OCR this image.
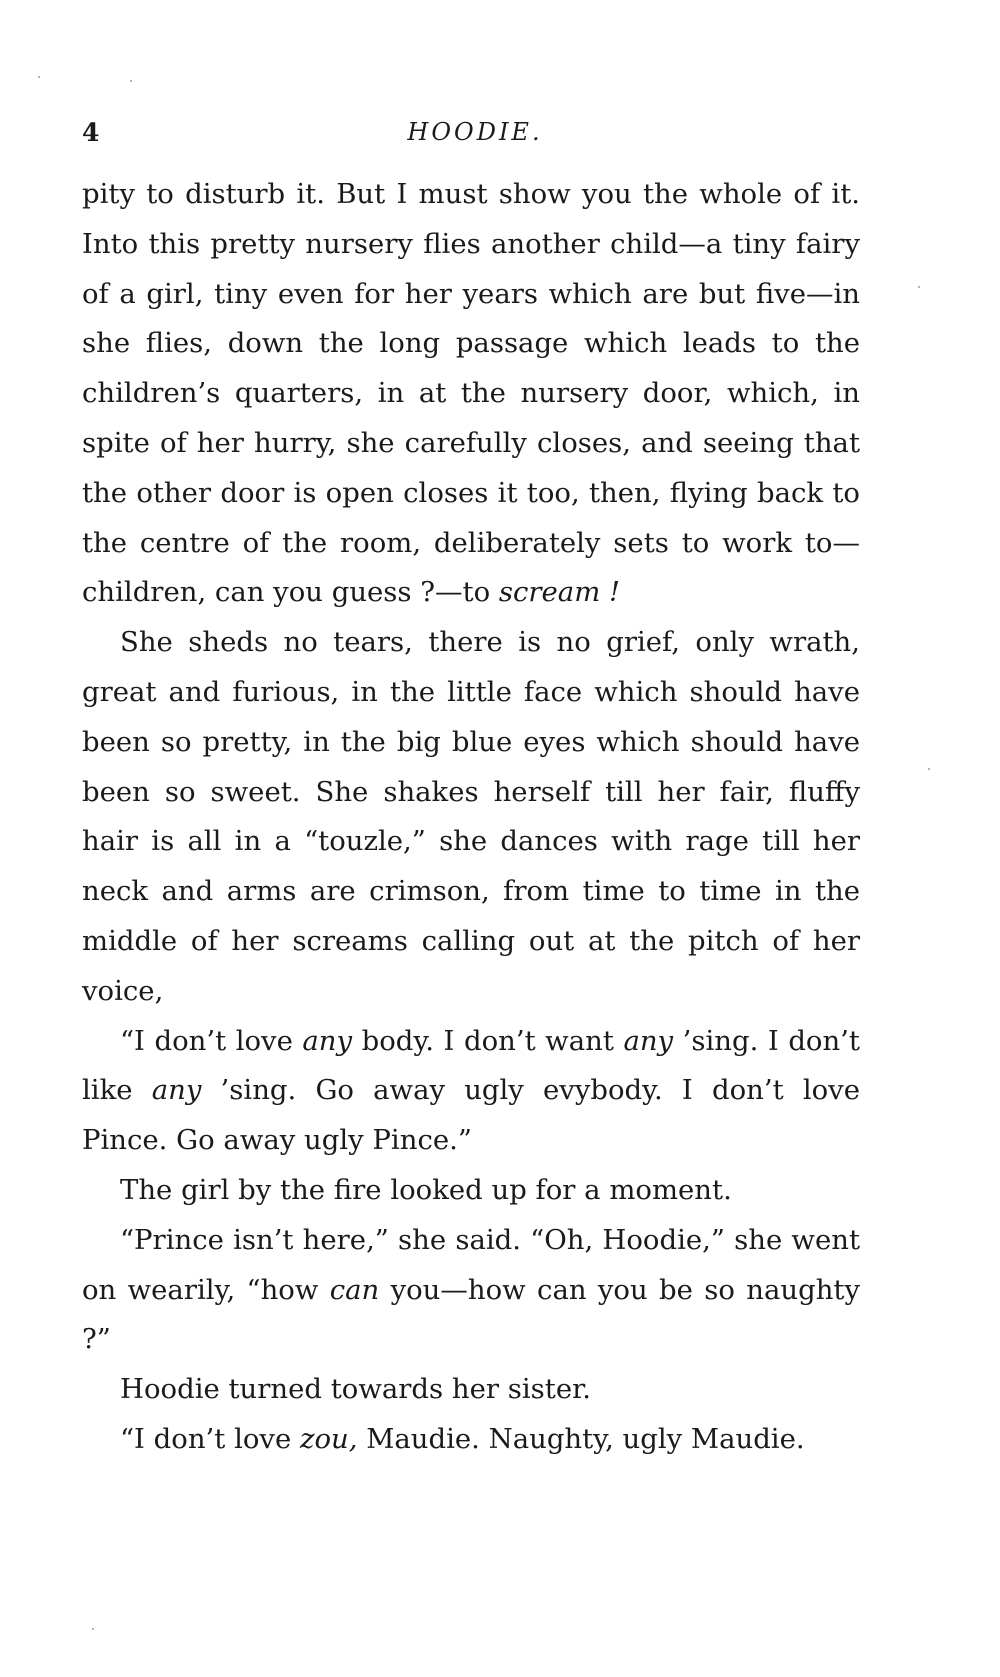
4	HOODIE.

pity to disturb it. But I must show you the whole of it. Into this pretty nursery flies another child—a tiny fairy of a girl, tiny even for her years which are but five—in she flies, down the long passage which leads to the children’s quarters, in at the nursery door, which, in spite of her hurry, she carefully closes, and seeing that the other door is open closes it too, then, flying back to the centre of the room, deliberately sets to work to—children, can you guess ?—to scream !

She sheds no tears, there is no grief, only wrath, great and furious, in the little face which should have been so pretty, in the big blue eyes which should have been so sweet. She shakes herself till her fair, fluffy hair is all in a “touzle,” she dances with rage till her neck and arms are crimson, from time to time in the middle of her screams calling out at the pitch of her voice,

“I don’t love any body. I don’t want any ’sing. I don’t like any ’sing. Go away ugly evybody. I don’t love Pince. Go away ugly Pince.”

The girl by the fire looked up for a moment.

“Prince isn’t here,” she said. “Oh, Hoodie,” she went on wearily, “how can you—how can you be so naughty ?”

Hoodie turned towards her sister.

“I don’t love zou, Maudie. Naughty, ugly Maudie.
